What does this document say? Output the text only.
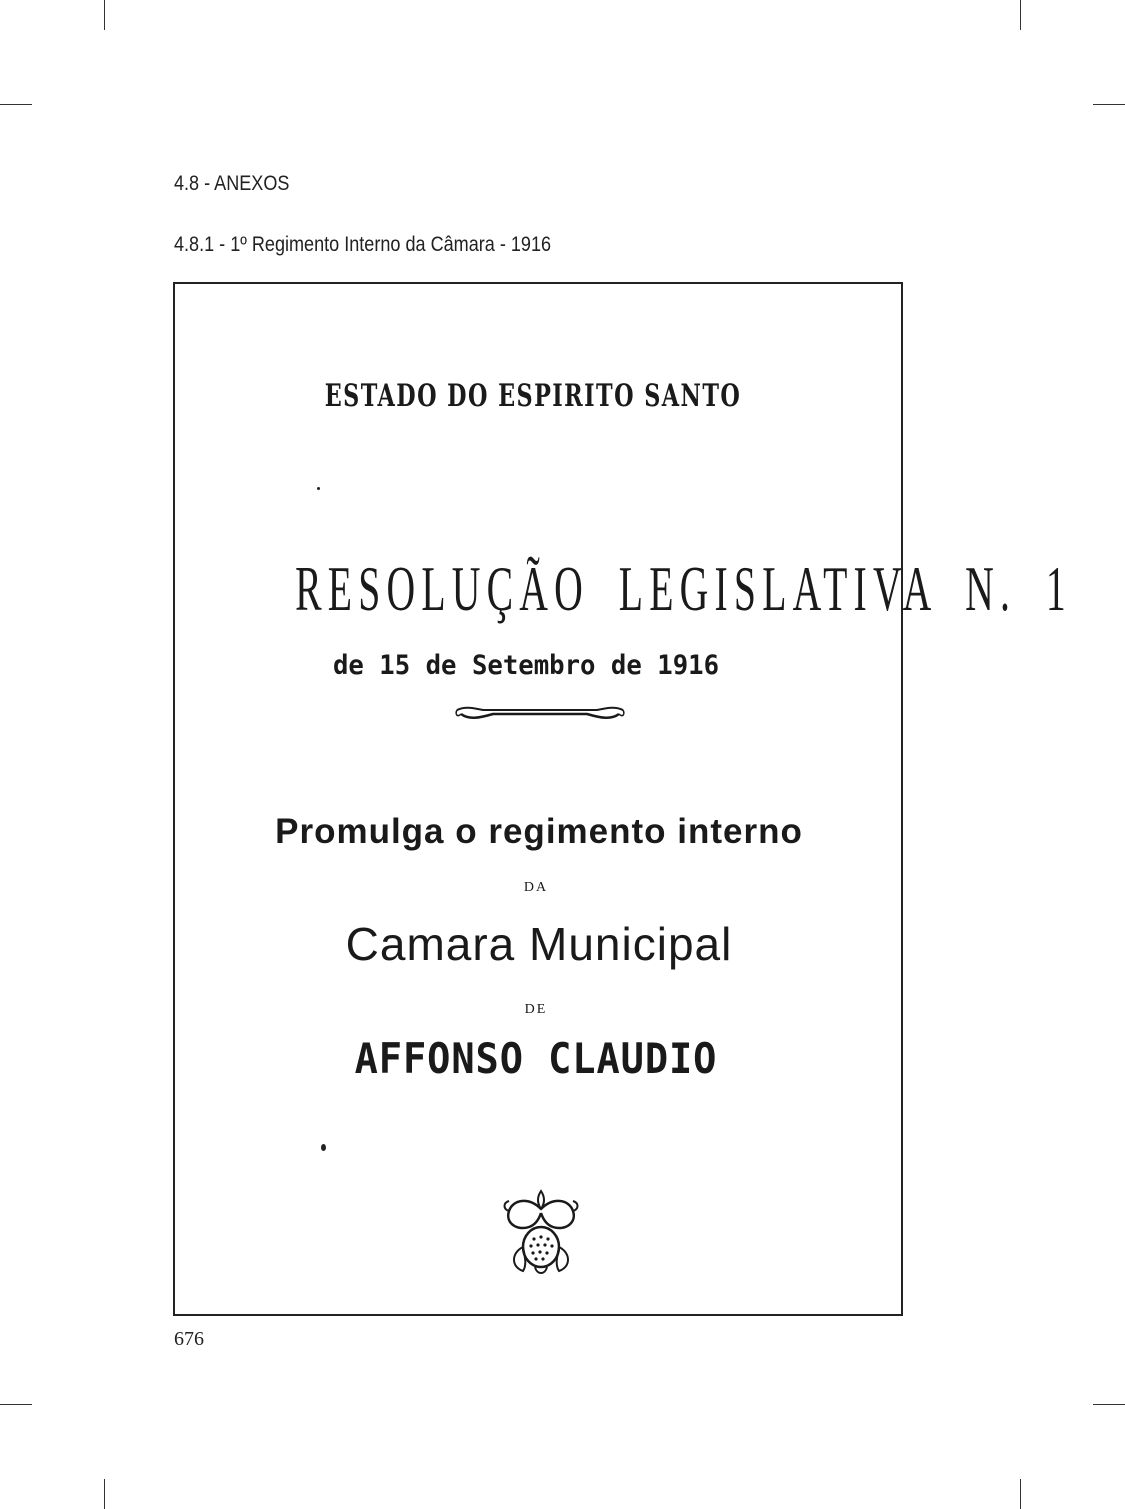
4.8 - ANEXOS
4.8.1 - 1º Regimento Interno da Câmara - 1916
ESTADO DO ESPIRITO SANTO
RESOLUÇÃO LEGISLATIVA N. 1
de 15 de Setembro de 1916
Promulga o regimento interno
DA
Camara Municipal
DE
AFFONSO CLAUDIO
676
